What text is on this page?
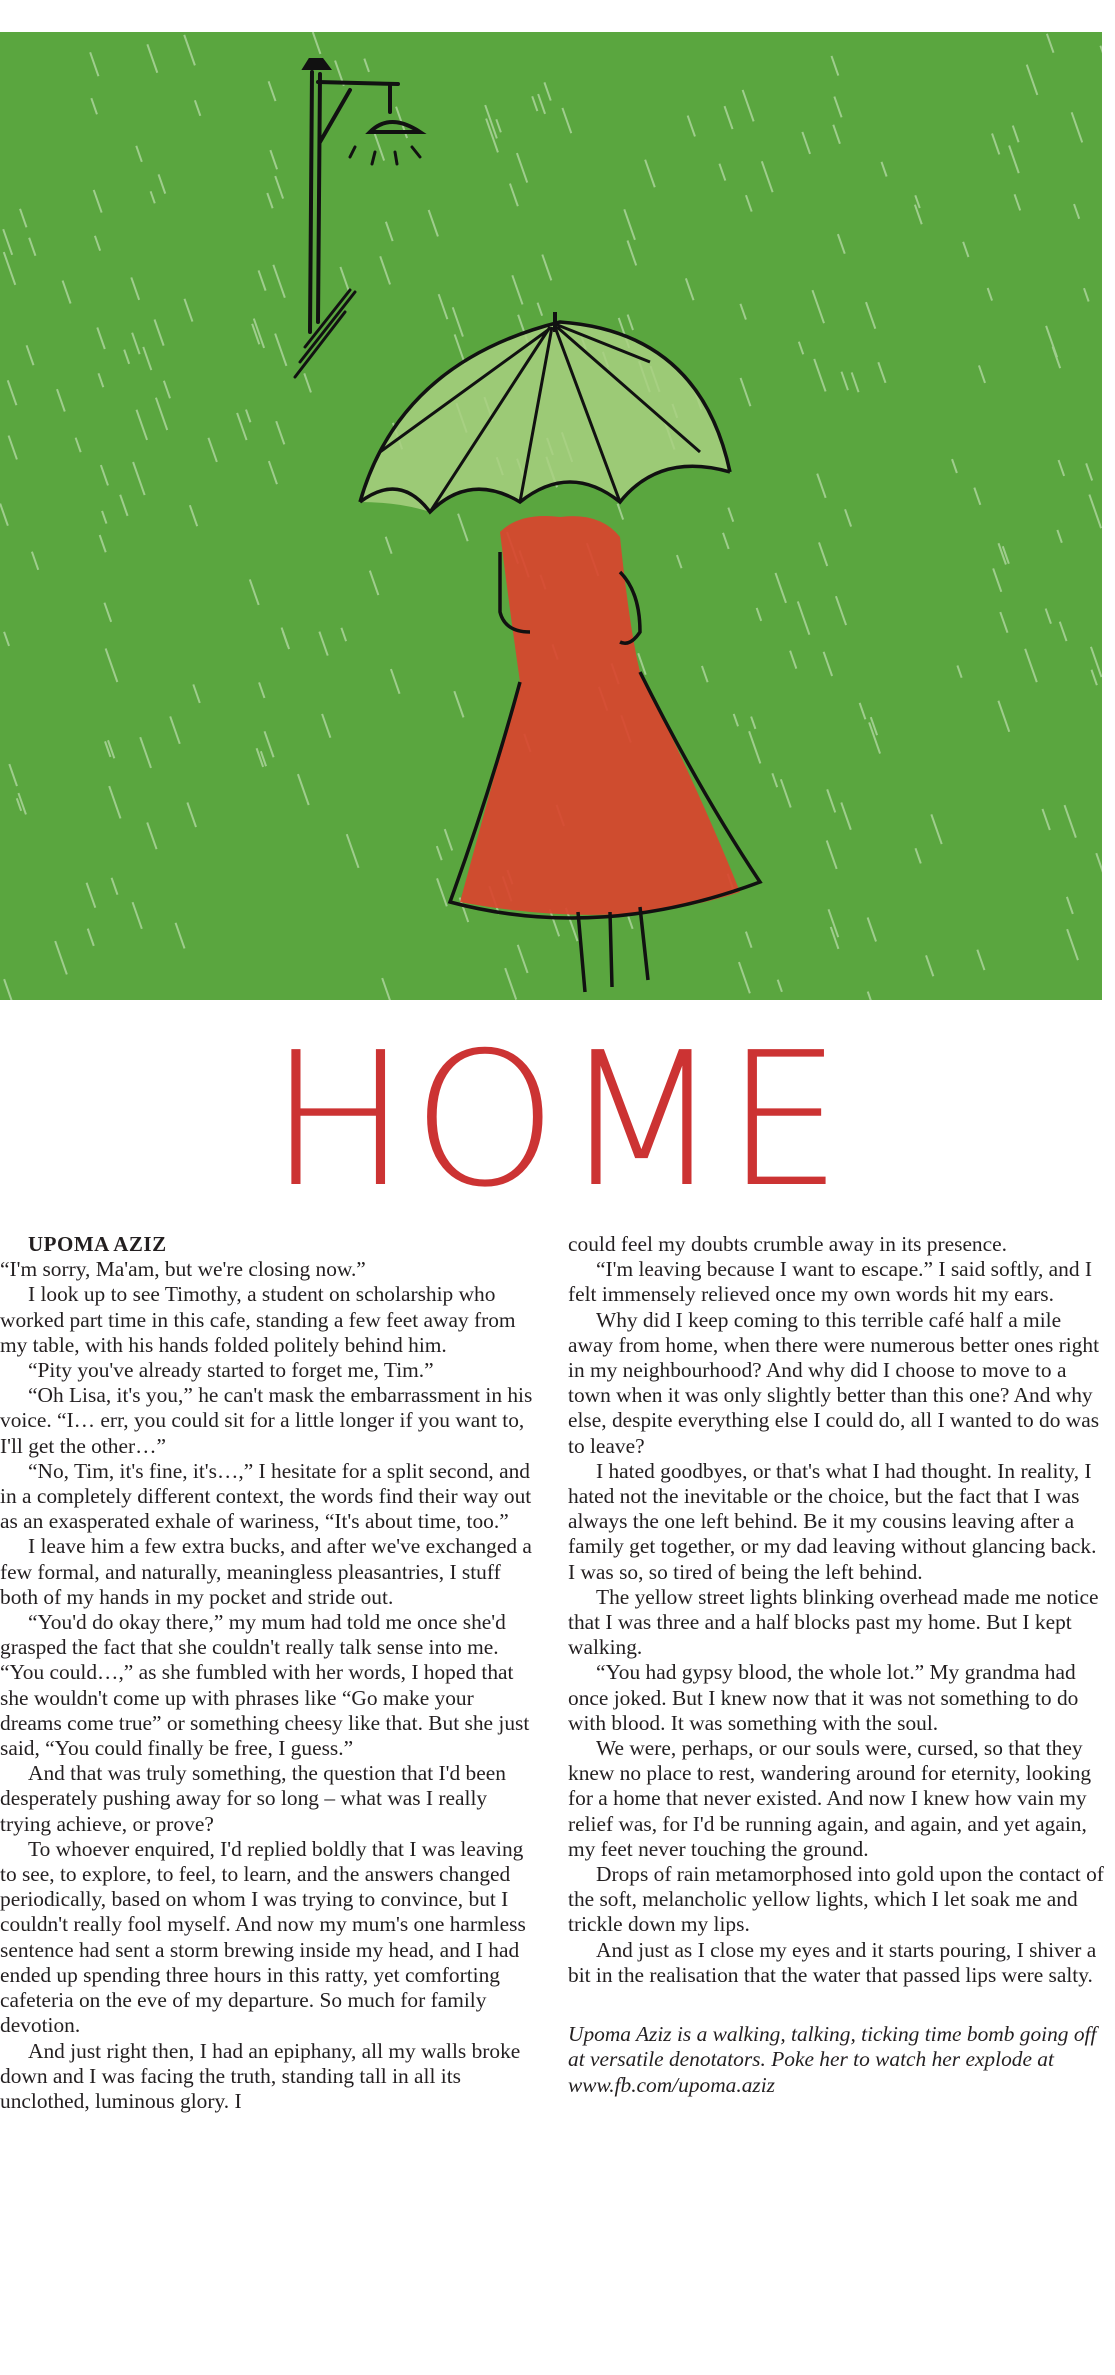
HOME

UPOMA AZIZ

“I'm sorry, Ma'am, but we're closing now.”

I look up to see Timothy, a student on scholarship who worked part time in this cafe, standing a few feet away from my table, with his hands folded politely behind him.

“Pity you've already started to forget me, Tim.”

“Oh Lisa, it's you,” he can't mask the embarrassment in his voice. “I… err, you could sit for a little longer if you want to, I'll get the other…”

“No, Tim, it's fine, it's…,” I hesitate for a split second, and in a completely different context, the words find their way out as an exasperated exhale of wariness, “It's about time, too.”

I leave him a few extra bucks, and after we've exchanged a few formal, and naturally, meaningless pleasantries, I stuff both of my hands in my pocket and stride out.

“You'd do okay there,” my mum had told me once she'd grasped the fact that she couldn't really talk sense into me. “You could…,” as she fumbled with her words, I hoped that she wouldn't come up with phrases like “Go make your dreams come true” or something cheesy like that. But she just said, “You could finally be free, I guess.”

And that was truly something, the question that I'd been desperately pushing away for so long – what was I really trying achieve, or prove?

To whoever enquired, I'd replied boldly that I was leaving to see, to explore, to feel, to learn, and the answers changed periodically, based on whom I was trying to convince, but I couldn't really fool myself. And now my mum's one harmless sentence had sent a storm brewing inside my head, and I had ended up spending three hours in this ratty, yet comforting cafeteria on the eve of my departure. So much for family devotion.

And just right then, I had an epiphany, all my walls broke down and I was facing the truth, standing tall in all its unclothed, luminous glory. I

could feel my doubts crumble away in its presence.

“I'm leaving because I want to escape.” I said softly, and I felt immensely relieved once my own words hit my ears.

Why did I keep coming to this terrible café half a mile away from home, when there were numerous better ones right in my neighbourhood? And why did I choose to move to a town when it was only slightly better than this one? And why else, despite everything else I could do, all I wanted to do was to leave?

I hated goodbyes, or that's what I had thought. In reality, I hated not the inevitable or the choice, but the fact that I was always the one left behind. Be it my cousins leaving after a family get together, or my dad leaving without glancing back. I was so, so tired of being the left behind.

The yellow street lights blinking overhead made me notice that I was three and a half blocks past my home. But I kept walking.

“You had gypsy blood, the whole lot.” My grandma had once joked. But I knew now that it was not something to do with blood. It was something with the soul.

We were, perhaps, or our souls were, cursed, so that they knew no place to rest, wandering around for eternity, looking for a home that never existed. And now I knew how vain my relief was, for I'd be running again, and again, and yet again, my feet never touching the ground.

Drops of rain metamorphosed into gold upon the contact of the soft, melancholic yellow lights, which I let soak me and trickle down my lips.

And just as I close my eyes and it starts pouring, I shiver a bit in the realisation that the water that passed lips were salty.

Upoma Aziz is a walking, talking, ticking time bomb going off at versatile denotators. Poke her to watch her explode at www.fb.com/upoma.aziz
